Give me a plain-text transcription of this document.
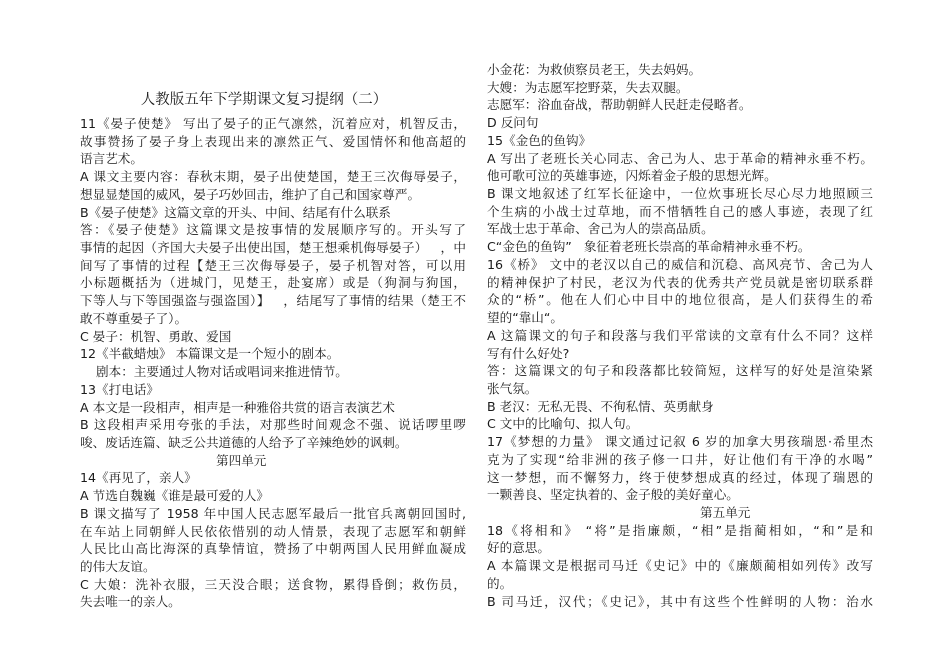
人教版五年下学期课文复习提纲（二）
11《晏子使楚》 写出了晏子的正气凛然，沉着应对，机智反击，
故事赞扬了晏子身上表现出来的凛然正气、爱国情怀和他高超的
语言艺术。
A 课文主要内容：春秋末期，晏子出使楚国，楚王三次侮辱晏子，
想显显楚国的威风，晏子巧妙回击，维护了自己和国家尊严。
B《晏子使楚》这篇文章的开头、中间、结尾有什么联系
答：《晏子使楚》这篇课文是按事情的发展顺序写的。开头写了
事情的起因（齐国大夫晏子出使出国，楚王想乘机侮辱晏子）   ，中
间写了事情的过程【楚王三次侮辱晏子，晏子机智对答，可以用
小标题概括为（进城门，见楚王，赴宴席）或是（狗洞与狗国，
下等人与下等国强盗与强盗国）】   ，结尾写了事情的结果（楚王不
敢不尊重晏子了）。
C 晏子：机智、勇敢、爱国
12《半截蜡烛》 本篇课文是一个短小的剧本。
剧本：主要通过人物对话或唱词来推进情节。
13《打电话》
A 本文是一段相声，相声是一种雅俗共赏的语言表演艺术
B 这段相声采用夸张的手法，对那些时间观念不强、说话啰里啰
唆、废话连篇、缺乏公共道德的人给予了辛辣绝妙的讽刺。
第四单元
14《再见了，亲人》
A 节选自魏巍《谁是最可爱的人》
B 课文描写了 1958 年中国人民志愿军最后一批官兵离朝回国时,
在车站上同朝鲜人民依依惜别的动人情景，表现了志愿军和朝鲜
人民比山高比海深的真挚情谊，赞扬了中朝两国人民用鲜血凝成
的伟大友谊。
C 大娘：洗补衣服，三天没合眼；送食物，累得昏倒；救伤员，
失去唯一的亲人。
小金花：为救侦察员老王，失去妈妈。
大嫂：为志愿军挖野菜，失去双腿。
志愿军：浴血奋战，帮助朝鲜人民赶走侵略者。
D 反问句
15《金色的鱼钩》
A 写出了老班长关心同志、舍己为人、忠于革命的精神永垂不朽。
他可歌可泣的英雄事迹，闪烁着金子般的思想光辉。
B 课文地叙述了红军长征途中，一位炊事班长尽心尽力地照顾三
个生病的小战士过草地，而不惜牺牲自己的感人事迹，表现了红
军战士忠于革命、舍己为人的崇高品质。
C“金色的鱼钩”   象征着老班长崇高的革命精神永垂不朽。
16《桥》 文中的老汉以自己的威信和沉稳、高风亮节、舍己为人
的精神保护了村民，老汉为代表的优秀共产党员就是密切联系群
众的“桥”。他在人们心中目中的地位很高，是人们获得生的希
望的“靠山“。
A 这篇课文的句子和段落与我们平常读的文章有什么不同？这样
写有什么好处?
答：这篇课文的句子和段落都比较简短，这样写的好处是渲染紧
张气氛。
B 老汉：无私无畏、不徇私情、英勇献身
C 文中的比喻句、拟人句。
17《梦想的力量》 课文通过记叙 6 岁的加拿大男孩瑞恩·希里杰
克为了实现“给非洲的孩子修一口井，好让他们有干净的水喝”
这一梦想，而不懈努力，终于使梦想成真的经过，体现了瑞恩的
一颗善良、坚定执着的、金子般的美好童心。
第五单元
18《将相和》 “将”是指廉颇，“相”是指蔺相如，“和”是和
好的意思。
A 本篇课文是根据司马迁《史记》中的《廉颇蔺相如列传》改写
的。
B 司马迁，汉代；《史记》，其中有这些个性鲜明的人物：治水
